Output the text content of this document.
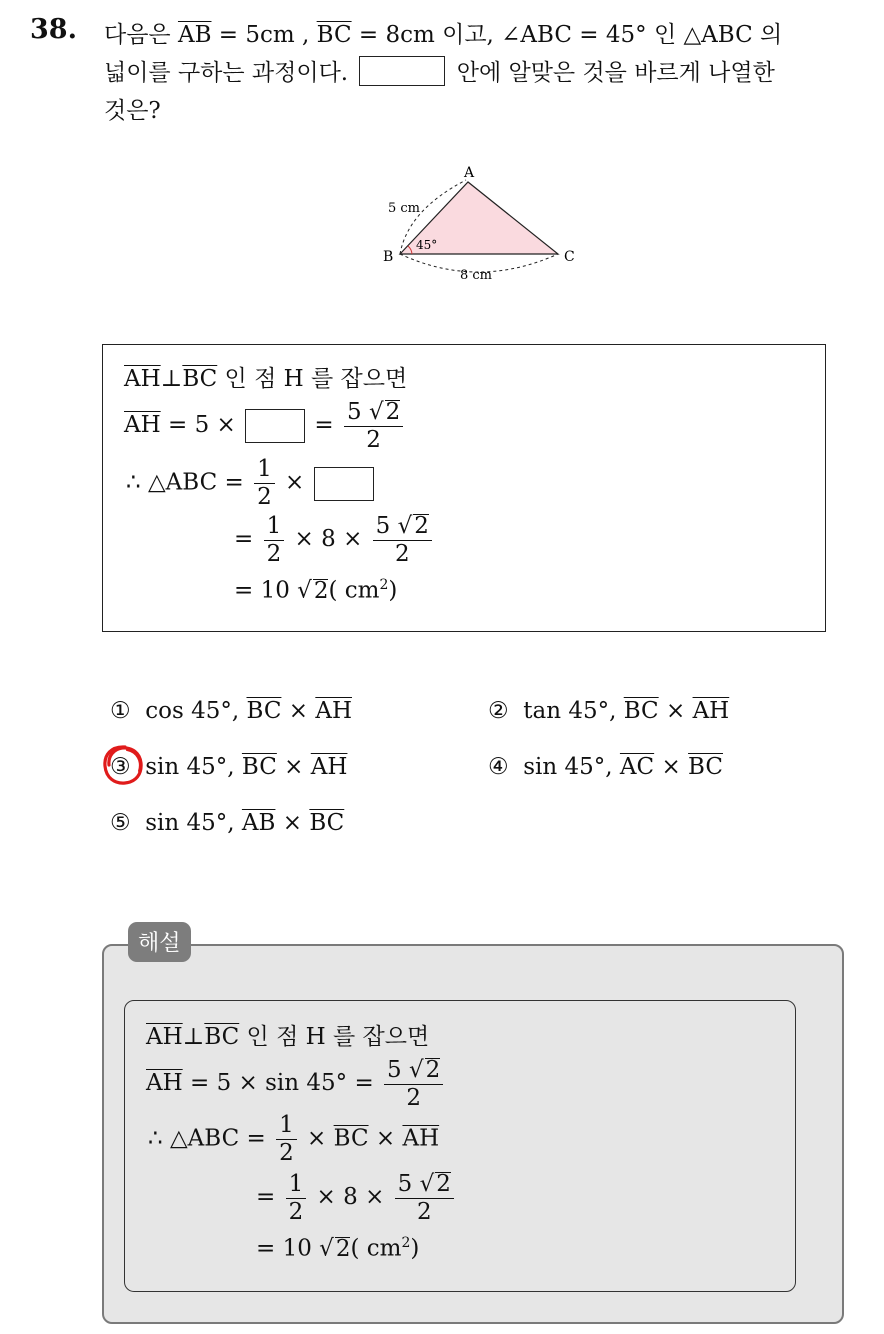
38. 다음은 $\overline{AB} = 5cm$ , $\overline{BC} = 8cm$ 이고, ∠ABC = 45° 인 △ABC 의
넓이를 구하는 과정이다.	안에 알맞은 것을 바르게 나열한
것은?
A
B	C
5 cm
8 cm
45°
$\overline{AH}\perp\overline{BC}$ 인 점 H 를 잡으면
$\overline{AH} = 5$ ×	= $\frac{5 √2}{2}$
∴ △ABC = $\frac{1}{2}$ ×
= $\frac{1}{2} \times 8 \times \frac{5 √2}{2}$
= 10 √2( $cm^2$)
① cos 45°, $\overline{BC} \times \overline{AH}$	② tan 45°, $\overline{BC} \times \overline{AH}$
③ sin 45°, $\overline{BC} \times \overline{AH}$	④ sin 45°, $\overline{AC} \times \overline{BC}$
⑤ sin 45°, $\overline{AB} \times \overline{BC}$
해설
$\overline{AH}\perp\overline{BC}$ 인 점 H 를 잡으면
$\overline{AH} = 5 \times \sin 45^\circ = \frac{5 √2}{2}$
∴ △ABC = $\frac{1}{2} \times \overline{BC} \times \overline{AH}$
= $\frac{1}{2} \times 8 \times \frac{5 √2}{2}$
= 10 √2( $cm^2$)
